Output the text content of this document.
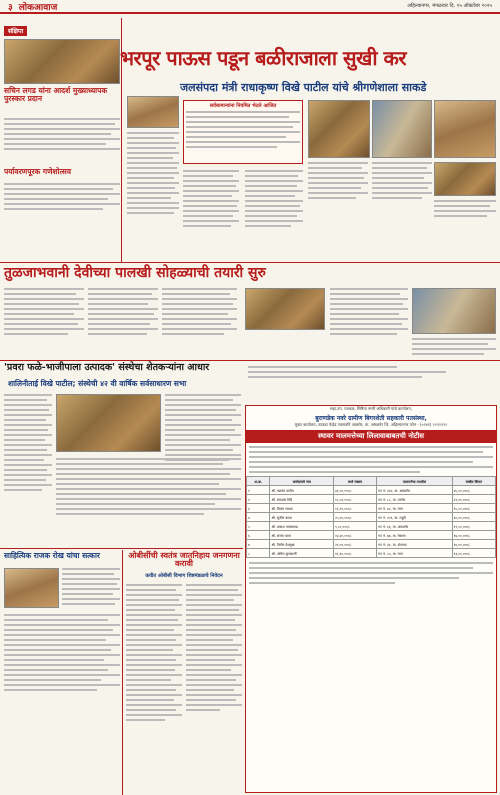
३ लोकआवाज	अहिल्यानगर, मंगळवार दि. १५ ऑक्टोबर २०२५
संक्षिप्त
सचिन लगड यांना आदर्श मुख्याध्यापक पुरस्कार प्रदान
पर्यावरणपूरक गणेशोत्सव
भरपूर पाऊस पडून बळीराजाला सुखी कर
जलसंपदा मंत्री राधाकृष्ण विखे पाटील यांचे श्रीगणेशाला साकडे
सर्वसामान्यांना नियमित भेटले आजित
तुळजाभवानी देवीच्या पालखी सोहळ्याची तयारी सुरु
'प्रवरा फळे-भाजीपाला उत्पादक' संस्थेचा शेतकऱ्यांना आधार
शालिनीताई विखे पाटील; संस्थेची ४२ वी वार्षिक सर्वसाधारण सभा
साहित्यिक राजक रोख यांचा सत्कार	ओबीसींची स्वतंत्र जातनिहाय जनगणना करावी
कवीत ओबीसी विभाग शिष्टमंडळाचे निवेदन
सहा.उप. पत्रकार, सिरिया नगरी अधिकारी यांचे कार्यालय,
बुराणडेक नवरे ग्रामीण बिगरशेती सहकारी पतसंस्था,
मुख्य कार्यालय, ठाकडा फेडेड गवसतनि अवसोर, ता. अमळनेर जि. अहिल्यानगर फोन - (०२४१) २२२२२२२
स्थावर मालमत्तेच्या लिलावाबाबतची नोटीस
अ.क्र.	कर्जदाराचे नाव	कर्ज रक्कम	मालमत्तेचा तपशील	राखीव किंमत
१	श्री. यशवंत पाटील	३२,००,०००/-	गट नं. १२४, ता. अमळनेर	४५,००,०००/-
२	श्री. रामदास शिंदे	१८,५०,०००/-	गट नं. ८८, ता. पारनेर	२२,००,०००/-
३	श्री. विजय जाधव	१२,२०,०००/-	गट नं. ४२, ता. नगर	१५,००,०००/-
४	श्री. सुनील कदम	२५,००,०००/-	गट नं. १०१, ता. राहुरी	३०,००,०००/-
५	श्री. प्रकाश गायकवाड	९,८०,०००/-	गट नं. ६६, ता. अमळनेर	११,५०,०००/-
६	श्री. संजय पवार	१४,४०,०००/-	गट नं. ७७, ता. नेवासा	१७,००,०००/-
७	श्री. नितीन देशमुख	२०,००,०००/-	गट नं. ३१, ता. शेवगाव	२४,००,०००/-
८	श्री. अनिल कुलकर्णी	११,६०,०००/-	गट नं. ५५, ता. नगर	१३,००,०००/-
